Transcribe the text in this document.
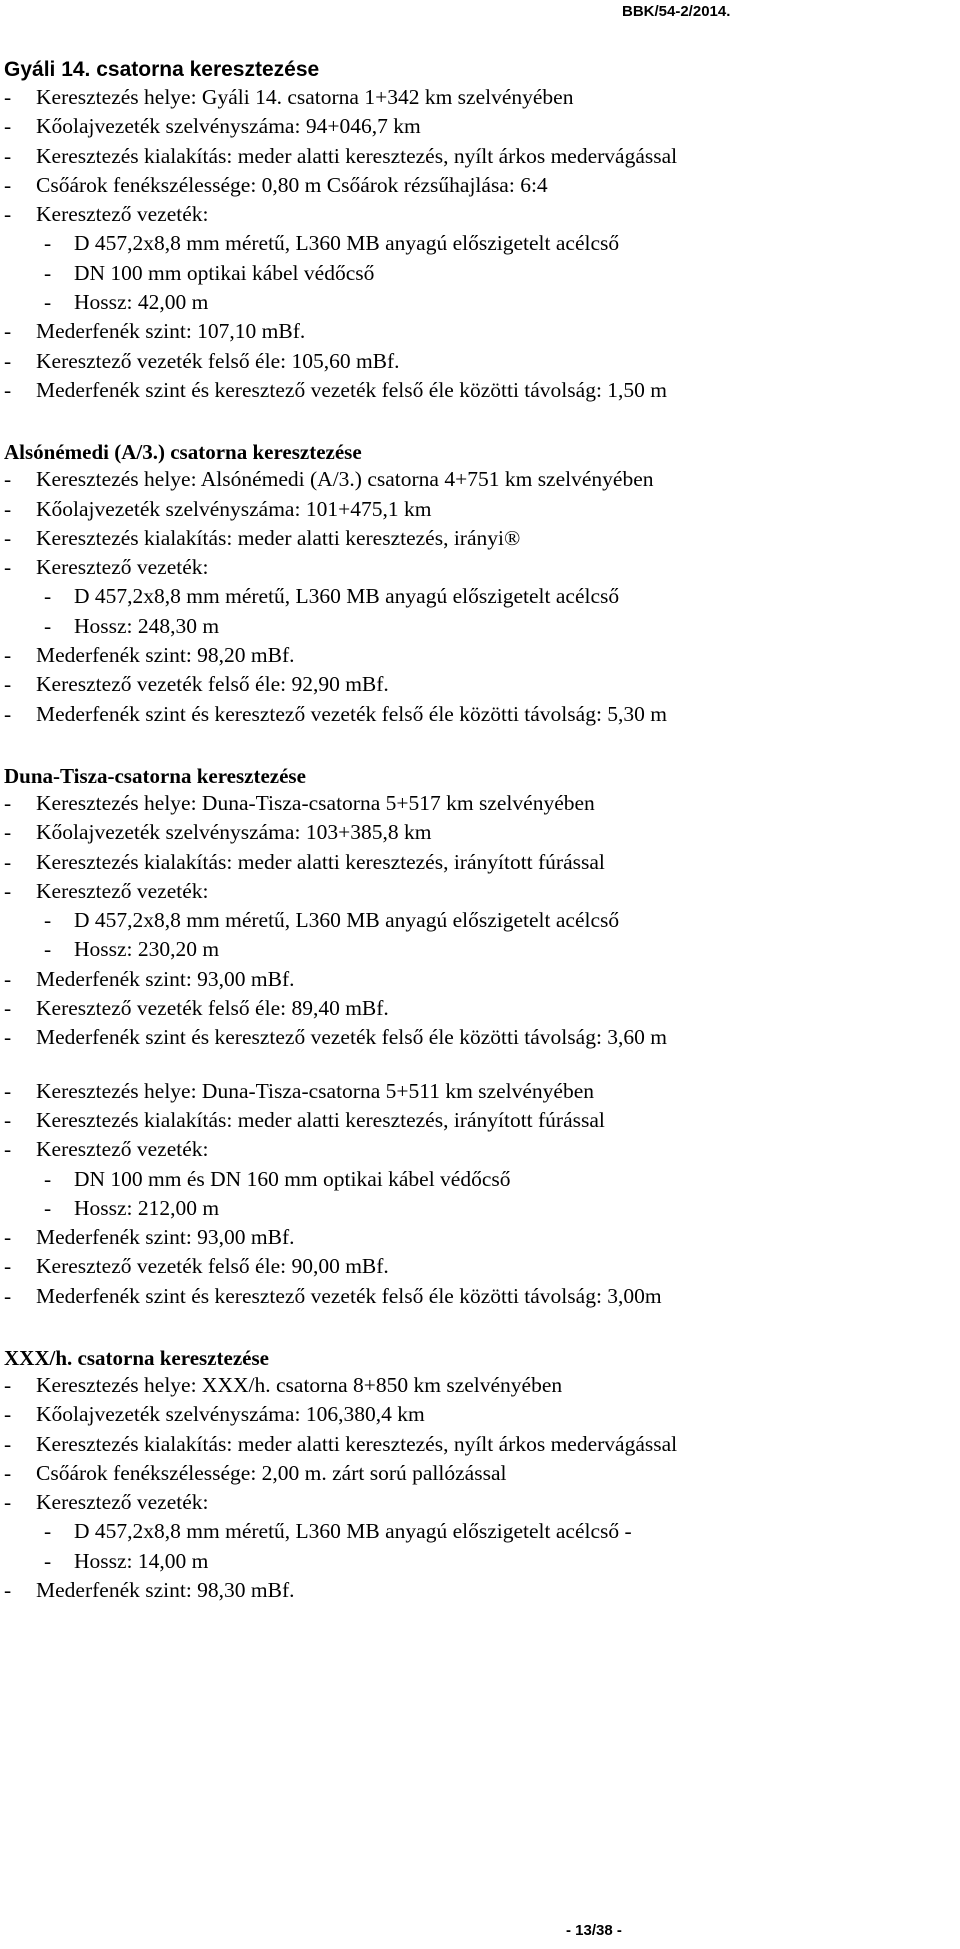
BBK/54-2/2014.
Gyáli 14. csatorna keresztezése
- Keresztezés helye: Gyáli 14. csatorna 1+342 km szelvényében
- Kőolajvezeték szelvényszáma: 94+046,7 km
- Keresztezés kialakítás: meder alatti keresztezés, nyílt árkos medervágással
- Csőárok fenékszélessége: 0,80 m Csőárok rézsűhajlása: 6:4
- Keresztező vezeték:
- D 457,2x8,8 mm méretű, L360 MB anyagú előszigetelt acélcső
- DN 100 mm optikai kábel védőcső
- Hossz: 42,00 m
- Mederfenék szint: 107,10 mBf.
- Keresztező vezeték felső éle: 105,60 mBf.
- Mederfenék szint és keresztező vezeték felső éle közötti távolság: 1,50 m
Alsónémedi (A/3.) csatorna keresztezése
- Keresztezés helye: Alsónémedi (A/3.) csatorna 4+751 km szelvényében
- Kőolajvezeték szelvényszáma: 101+475,1 km
- Keresztezés kialakítás: meder alatti keresztezés, irányi®
- Keresztező vezeték:
- D 457,2x8,8 mm méretű, L360 MB anyagú előszigetelt acélcső
- Hossz: 248,30 m
- Mederfenék szint: 98,20 mBf.
- Keresztező vezeték felső éle: 92,90 mBf.
- Mederfenék szint és keresztező vezeték felső éle közötti távolság: 5,30 m
Duna-Tisza-csatorna keresztezése
- Keresztezés helye: Duna-Tisza-csatorna 5+517 km szelvényében
- Kőolajvezeték szelvényszáma: 103+385,8 km
- Keresztezés kialakítás: meder alatti keresztezés, irányított fúrással
- Keresztező vezeték:
- D 457,2x8,8 mm méretű, L360 MB anyagú előszigetelt acélcső
- Hossz: 230,20 m
- Mederfenék szint: 93,00 mBf.
- Keresztező vezeték felső éle: 89,40 mBf.
- Mederfenék szint és keresztező vezeték felső éle közötti távolság: 3,60 m
- Keresztezés helye: Duna-Tisza-csatorna 5+511 km szelvényében
- Keresztezés kialakítás: meder alatti keresztezés, irányított fúrással
- Keresztező vezeték:
- DN 100 mm és DN 160 mm optikai kábel védőcső
- Hossz: 212,00 m
- Mederfenék szint: 93,00 mBf.
- Keresztező vezeték felső éle: 90,00 mBf.
- Mederfenék szint és keresztező vezeték felső éle közötti távolság: 3,00m
XXX/h. csatorna keresztezése
- Keresztezés helye: XXX/h. csatorna 8+850 km szelvényében
- Kőolajvezeték szelvényszáma: 106,380,4 km
- Keresztezés kialakítás: meder alatti keresztezés, nyílt árkos medervágással
- Csőárok fenékszélessége: 2,00 m. zárt sorú pallózással
- Keresztező vezeték:
- D 457,2x8,8 mm méretű, L360 MB anyagú előszigetelt acélcső -
- Hossz: 14,00 m
- Mederfenék szint: 98,30 mBf.
- 13/38 -
